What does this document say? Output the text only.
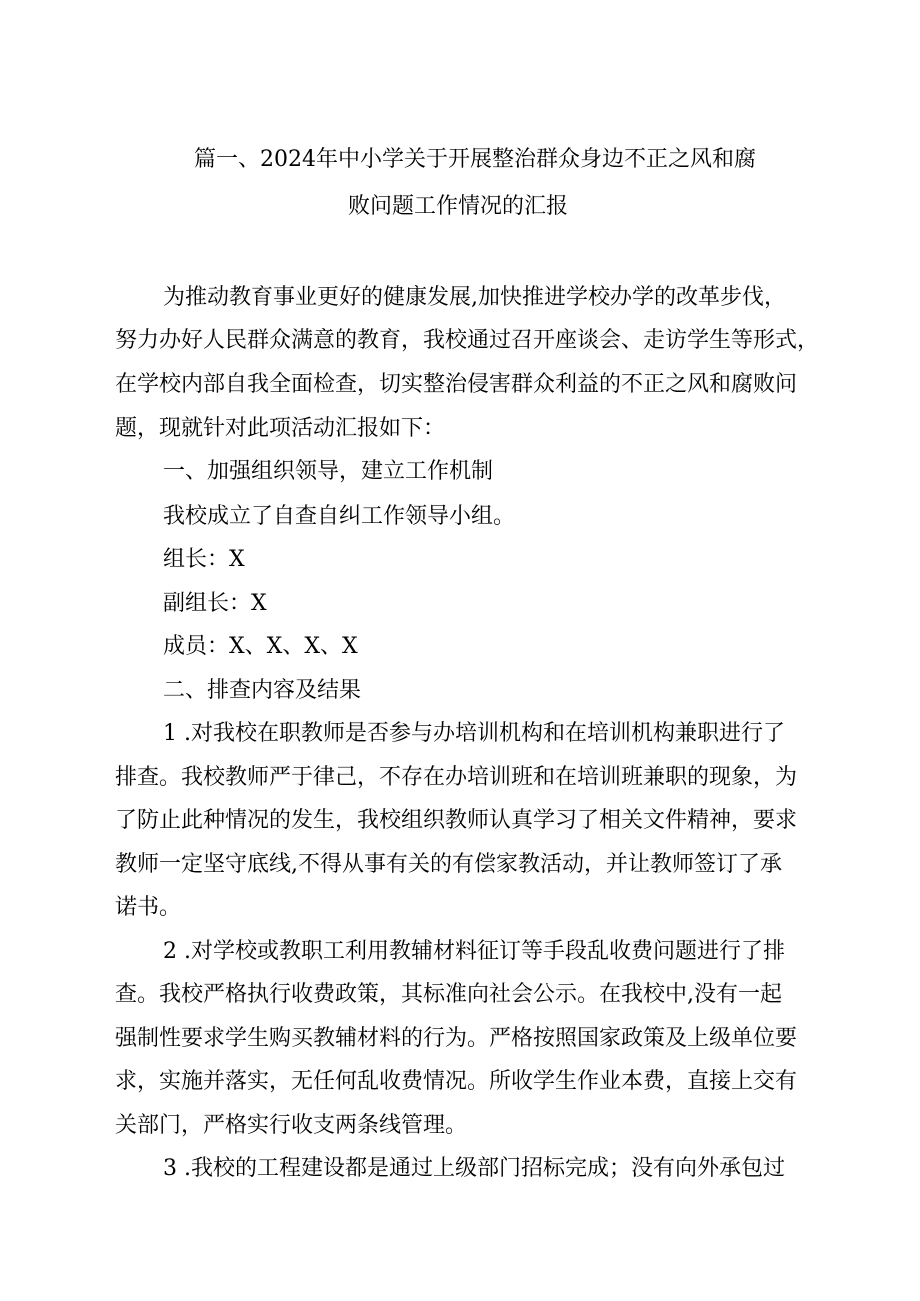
篇一、2024年中小学关于开展整治群众身边不正之风和腐
败问题工作情况的汇报
为推动教育事业更好的健康发展,加快推进学校办学的改革步伐，
努力办好人民群众满意的教育，我校通过召开座谈会、走访学生等形式，
在学校内部自我全面检查，切实整治侵害群众利益的不正之风和腐败问
题，现就针对此项活动汇报如下：
一、加强组织领导，建立工作机制
我校成立了自查自纠工作领导小组。
组长：X
副组长：X
成员：X、X、X、X
二、排查内容及结果
1 .对我校在职教师是否参与办培训机构和在培训机构兼职进行了
排查。我校教师严于律己，不存在办培训班和在培训班兼职的现象，为
了防止此种情况的发生，我校组织教师认真学习了相关文件精神，要求
教师一定坚守底线,不得从事有关的有偿家教活动，并让教师签订了承
诺书。
2 .对学校或教职工利用教辅材料征订等手段乱收费问题进行了排
查。我校严格执行收费政策，其标准向社会公示。在我校中,没有一起
强制性要求学生购买教辅材料的行为。严格按照国家政策及上级单位要
求，实施并落实，无任何乱收费情况。所收学生作业本费，直接上交有
关部门，严格实行收支两条线管理。
3 .我校的工程建设都是通过上级部门招标完成；没有向外承包过
